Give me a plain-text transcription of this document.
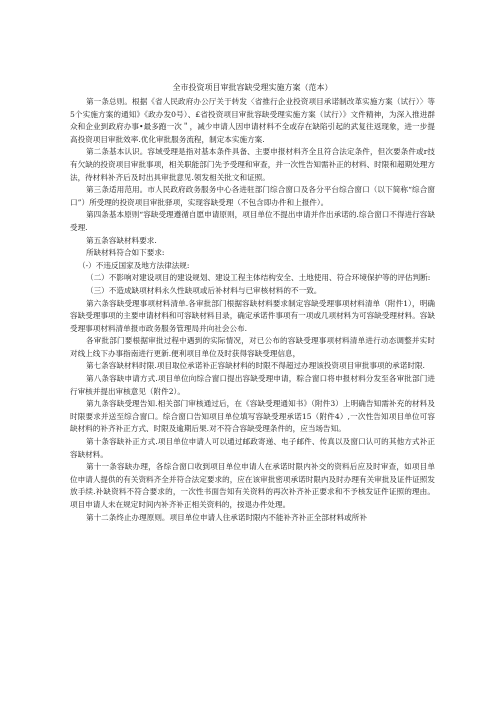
全市投资项目审批容缺受理实施方案（范本）

第一条总则。根据《省人民政府办公厅关于转发〈省推行企业投资项目承诺制改革实施方案（试行）〉等5个实施方案的通知》《政办发0号）、£省投资项目审批容缺受理实施方案（试行）》文件精神，为深入推进群众和企业到政府办事•最多跑一次＂，减少申请人因申请材料不全或存在缺陷引起的武复往返现象，进一步提高投资项目审批效率.优化审批服务流程，制定本实施方案.

第二条基本认识。容域受理是指对基本条件具备、主要申报材料齐全且符合法定条件，但次要条件或r技有欠缺的投资项目审批事项，相关职能部门先予受理和审查，并一次性告知需补正的材料、时限和超期处理方法，待材料补齐后及时出具审批意见.领发相关批文和证照。

第三条适用范用。市人民政府政务服务中心各进驻部门综合窗口及各分平台综合窗口（以下简称“综合窗口”）所受理的投资项目审批驿项，实现容缺受理（不包含即办件和上报件）。

第四条基本原则“容缺受理遵循自愿申请原则，项目单位不提出申请并作出承诺的.综合窗口不得进行容缺受理.

第五条容缺材料要求.

所缺材料符合如下要求:

（-）不违反国家及地方法律法规:

（二）不影响对建设项目的建设规划、建设工程主体结构安全、土地使用、符合环境保护等的评估判断:

（三）不造成缺项材料永久性缺项或后补材料与已审核材料的不一致。

第六条容缺受理事项材料清单.各审批部门根据容缺材料要求制定容缺受理事项材料清单（附件1），明确容缺受理事项的主要申请材料和可容缺材料目录，确定承诺件事项有一项或几项材料为可容缺受理材料。容缺受理事项材料清单报市政务服务管理局并向社会公布.

各审批部门要根据审批过程中遇到的实际情况，对已公布的容缺受理事项材料清单进行动态调整并实时对线上线下办事指南进行更新.便利项目单位及时获得容缺受理信息，

第七条容缺材料时限.项目取位承诺补正容缺材料的时限不得超过办理该投资项目审批事项的承诺时限.

第八条容缺申请方式.项目单位向综合窗口提出容缺受理申请，粽合窗口将申报材料分发至各审批部门进行审核并提出审核意见（附件2）。

第九条容缺受理告知.相关部门审核通过后，在《容缺受理通知书》（附件3）上明确告知需补充的材料及时限要求并送至综合窗口。综合窗口告知项目单位填写容缺受理承诺15（附件4）,一次性告知项目单位可容缺材料的补齐补正方式、时限及逾期后果.对不符合容缺受理条件的，应当场告知。

第十条容缺补正方式.项目单位申请人可以通过邮政寄递、电子邮件、传真以及窗口认可的其他方式补正容缺材料。

第十一条容缺办理，各综合窗口收到项目单位申请人在承诺时限内补交的资料后应及时审查，如项目单位申请人提供的有关资料齐全并符合法定要求的，应在该审批密项承诺时限内及时办理有关审批及证件证照发放手续.补缺资料不符合要求的，一次性书面告知有关资料的再次补齐补正要求和不予核发证件证照的理由。项目申请人未在规定时间内补齐补正相关资料的，按退办件处理。

第十二条终止办理原则。项目单位申请人住承诺时限内不能补齐补正全部材料或所补
